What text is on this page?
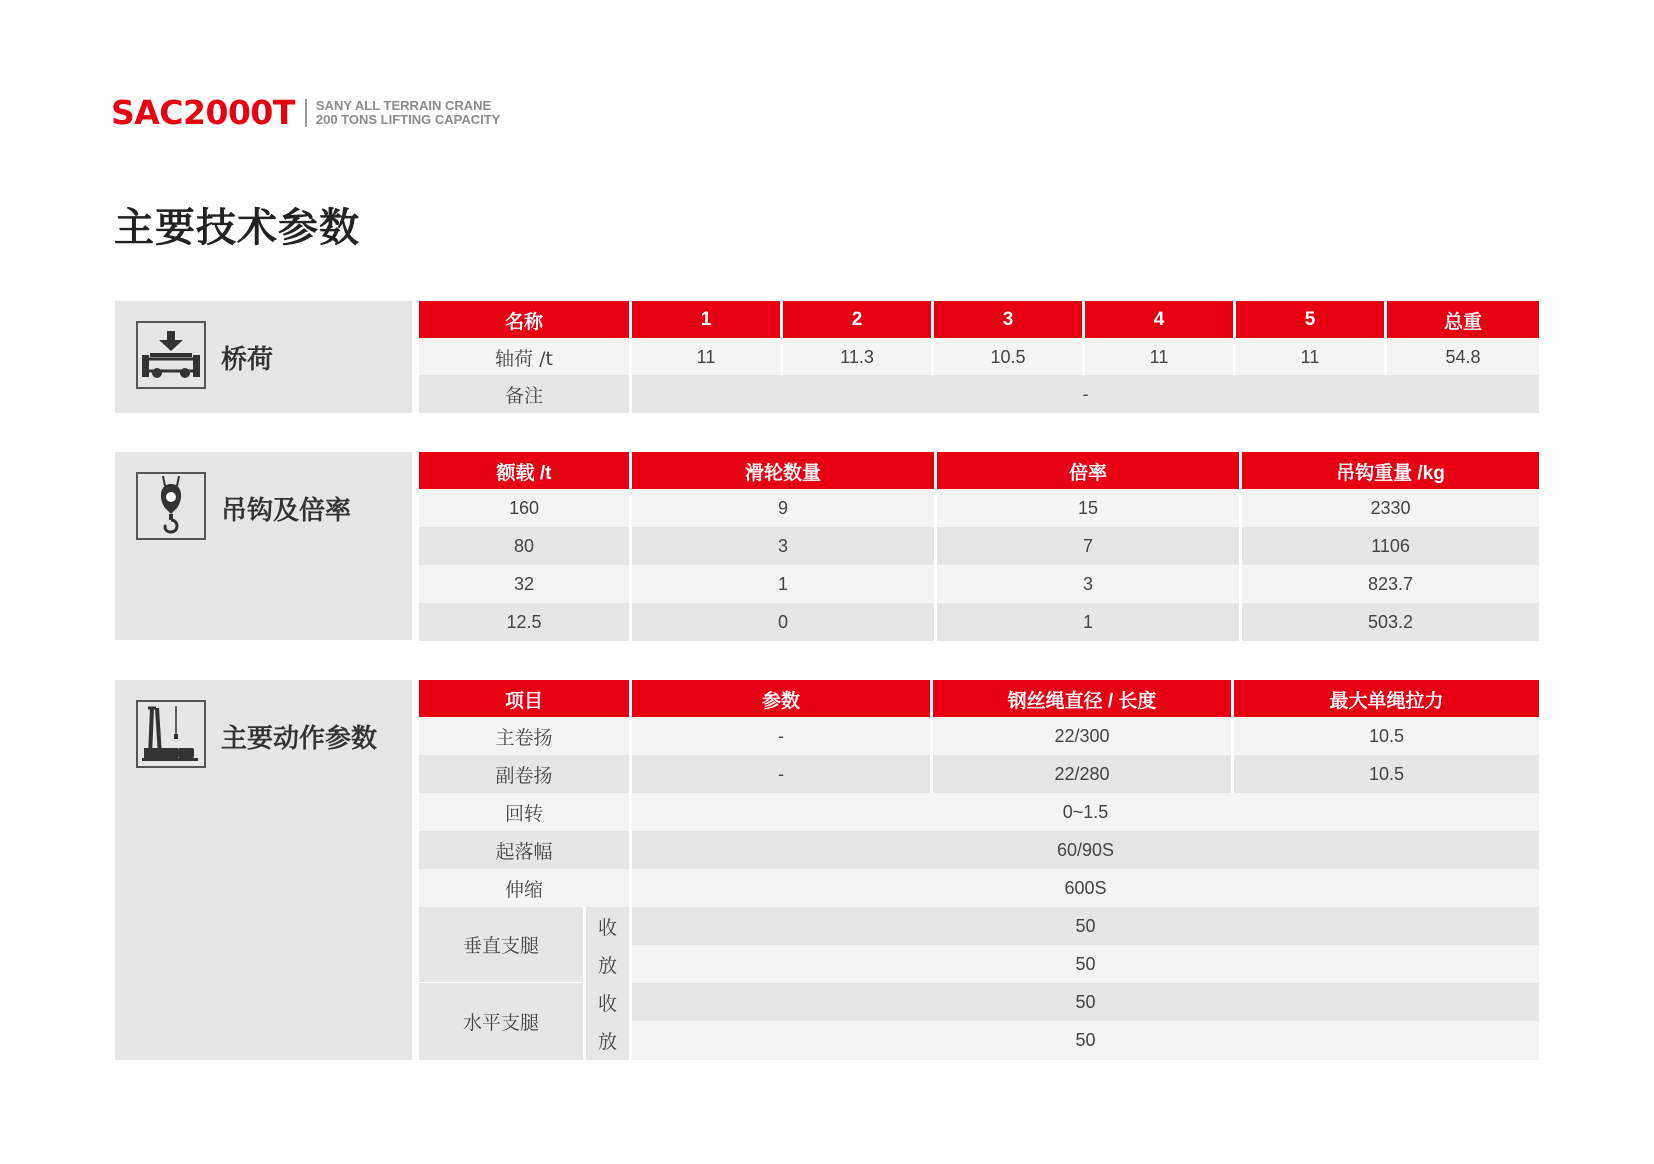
SAC2000T SANY ALL TERRAIN CRANE
200 TONS LIFTING CAPACITY
主要技术参数
桥荷
名称	1	2	3	4	5	总重
轴荷 /t	11	11.3	10.5	11	11	54.8
备注	-
吊钩及倍率
额载 /t	滑轮数量	倍率	吊钩重量 /kg
160	9	15	2330
80	3	7	1106
32	1	3	823.7
12.5	0	1	503.2
主要动作参数
项目	参数	钢丝绳直径 / 长度	最大单绳拉力
主卷扬	-	22/300	10.5
副卷扬	-	22/280	10.5
回转	0~1.5
起落幅	60/90S
伸缩	600S
垂直支腿
收	50
放	50
水平支腿
收	50
放	50
